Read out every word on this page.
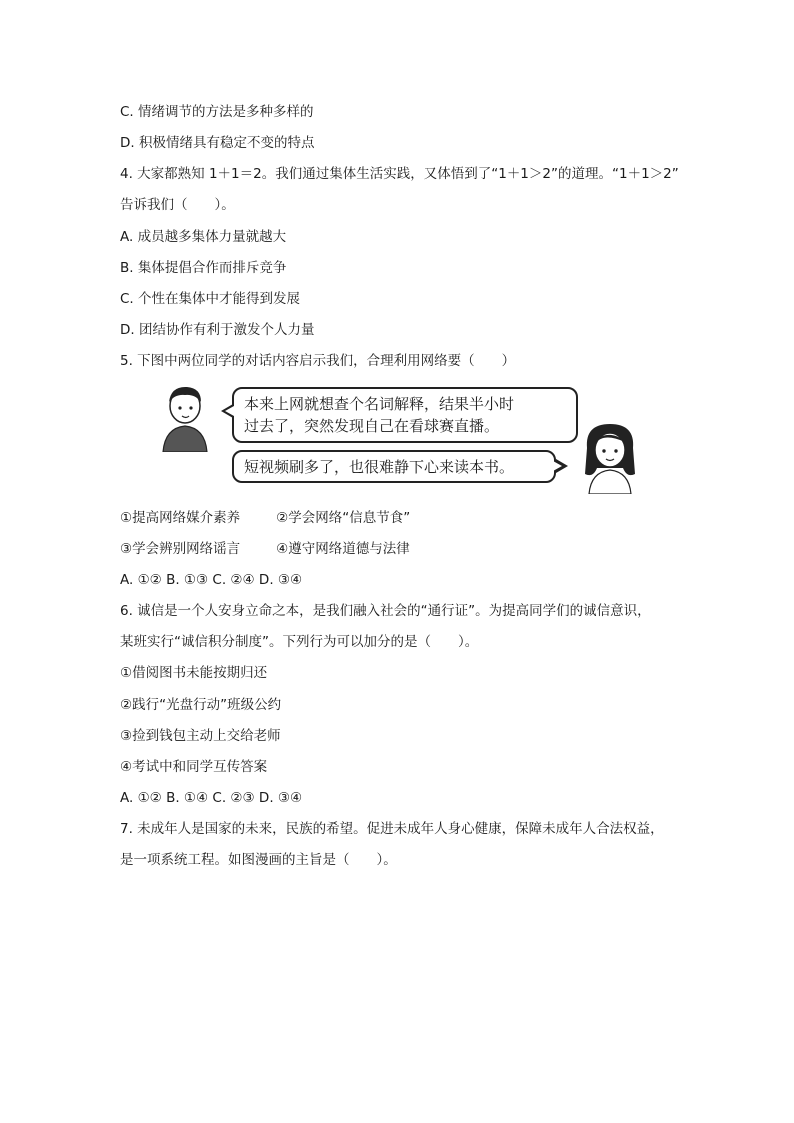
C. 情绪调节的方法是多种多样的
D. 积极情绪具有稳定不变的特点
4. 大家都熟知 1＋1＝2。我们通过集体生活实践，又体悟到了“1＋1＞2”的道理。“1＋1＞2”
告诉我们（　　）。
A. 成员越多集体力量就越大
B. 集体提倡合作而排斥竞争
C. 个性在集体中才能得到发展
D. 团结协作有利于激发个人力量
5. 下图中两位同学的对话内容启示我们，合理利用网络要（　　）
本来上网就想查个名词解释，结果半小时
过去了，突然发现自己在看球赛直播。
短视频刷多了，也很难静下心来读本书。
①提高网络媒介素养	②学会网络“信息节食”
③学会辨别网络谣言	④遵守网络道德与法律
A. ①② B. ①③ C. ②④ D. ③④
6. 诚信是一个人安身立命之本，是我们融入社会的“通行证”。为提高同学们的诚信意识，
某班实行“诚信积分制度”。下列行为可以加分的是（　　）。
①借阅图书未能按期归还
②践行“光盘行动”班级公约
③捡到钱包主动上交给老师
④考试中和同学互传答案
A. ①② B. ①④ C. ②③ D. ③④
7. 未成年人是国家的未来，民族的希望。促进未成年人身心健康，保障未成年人合法权益，
是一项系统工程。如图漫画的主旨是（　　）。
